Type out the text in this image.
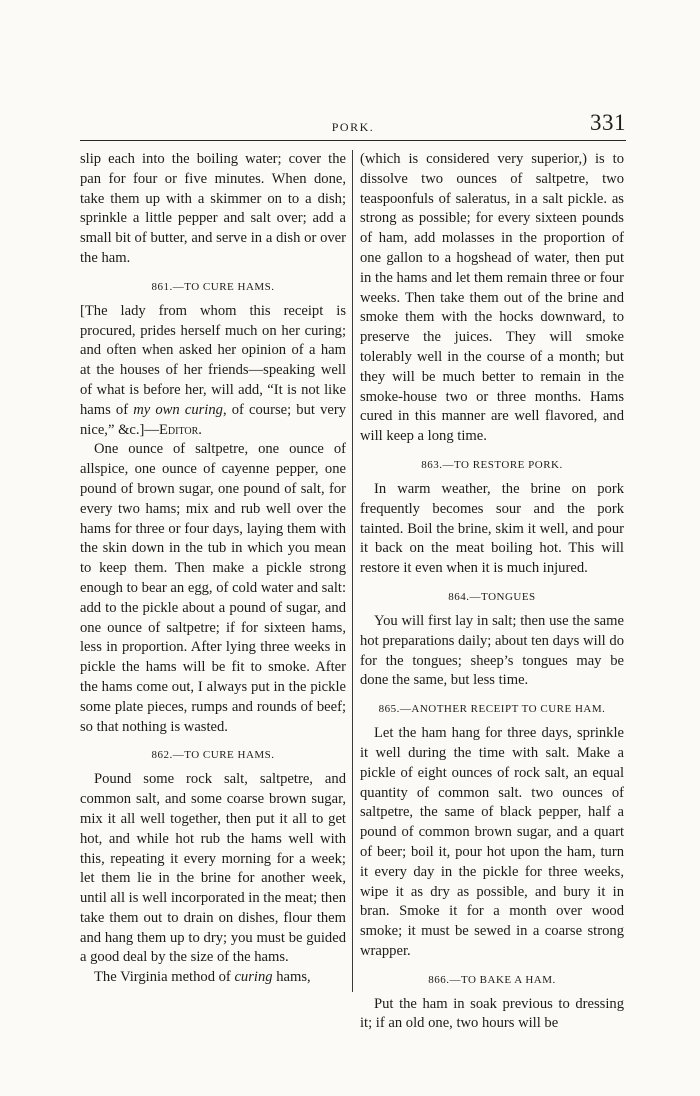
PORK.	331

slip each into the boiling water; cover the pan for four or five minutes. When done, take them up with a skimmer on to a dish; sprinkle a little pepper and salt over; add a small bit of butter, and serve in a dish or over the ham.

861.—TO CURE HAMS.

[The lady from whom this receipt is procured, prides herself much on her curing; and often when asked her opinion of a ham at the houses of her friends—speaking well of what is before her, will add, “It is not like hams of my own curing, of course; but very nice,” &c.]—Editor.

One ounce of saltpetre, one ounce of allspice, one ounce of cayenne pepper, one pound of brown sugar, one pound of salt, for every two hams; mix and rub well over the hams for three or four days, laying them with the skin down in the tub in which you mean to keep them. Then make a pickle strong enough to bear an egg, of cold water and salt: add to the pickle about a pound of sugar, and one ounce of saltpetre; if for sixteen hams, less in proportion. After lying three weeks in pickle the hams will be fit to smoke. After the hams come out, I always put in the pickle some plate pieces, rumps and rounds of beef; so that nothing is wasted.

862.—TO CURE HAMS.

Pound some rock salt, saltpetre, and common salt, and some coarse brown sugar, mix it all well together, then put it all to get hot, and while hot rub the hams well with this, repeating it every morning for a week; let them lie in the brine for another week, until all is well incorporated in the meat; then take them out to drain on dishes, flour them and hang them up to dry; you must be guided a good deal by the size of the hams.

The Virginia method of curing hams,

(which is considered very superior,) is to dissolve two ounces of saltpetre, two teaspoonfuls of saleratus, in a salt pickle. as strong as possible; for every sixteen pounds of ham, add molasses in the proportion of one gallon to a hogshead of water, then put in the hams and let them remain three or four weeks. Then take them out of the brine and smoke them with the hocks downward, to preserve the juices. They will smoke tolerably well in the course of a month; but they will be much better to remain in the smoke-house two or three months. Hams cured in this manner are well flavored, and will keep a long time.

863.—TO RESTORE PORK.

In warm weather, the brine on pork frequently becomes sour and the pork tainted. Boil the brine, skim it well, and pour it back on the meat boiling hot. This will restore it even when it is much injured.

864.—TONGUES

You will first lay in salt; then use the same hot preparations daily; about ten days will do for the tongues; sheep’s tongues may be done the same, but less time.

865.—ANOTHER RECEIPT TO CURE HAM.

Let the ham hang for three days, sprinkle it well during the time with salt. Make a pickle of eight ounces of rock salt, an equal quantity of common salt. two ounces of saltpetre, the same of black pepper, half a pound of common brown sugar, and a quart of beer; boil it, pour hot upon the ham, turn it every day in the pickle for three weeks, wipe it as dry as possible, and bury it in bran. Smoke it for a month over wood smoke; it must be sewed in a coarse strong wrapper.

866.—TO BAKE A HAM.

Put the ham in soak previous to dressing it; if an old one, two hours will be
